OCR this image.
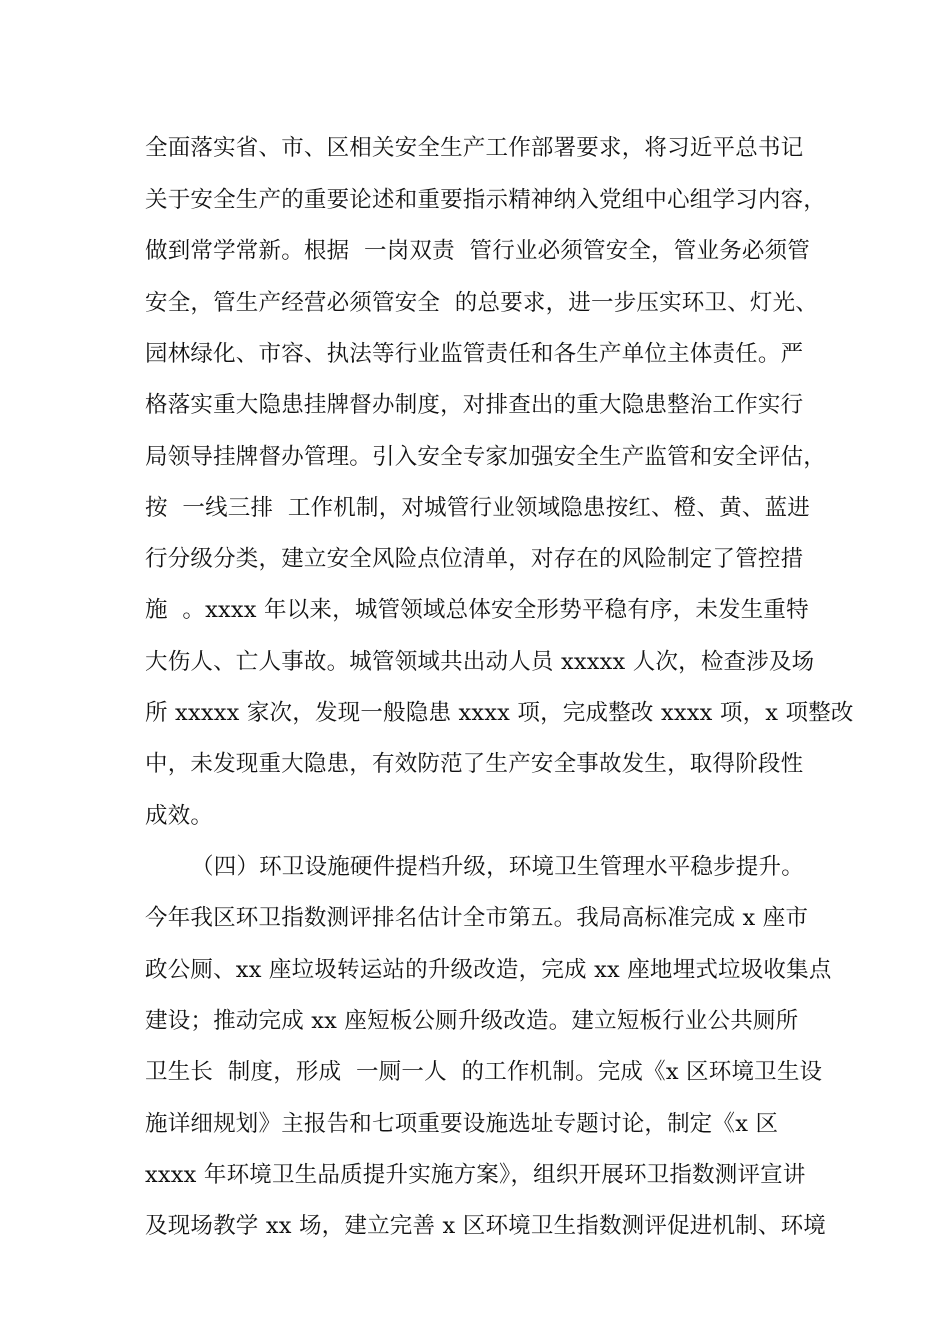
全面落实省、市、区相关安全生产工作部署要求，将习近平总书记
关于安全生产的重要论述和重要指示精神纳入党组中心组学习内容，
做到常学常新。根据  一岗双责  管行业必须管安全，管业务必须管
安全，管生产经营必须管安全  的总要求，进一步压实环卫、灯光、
园林绿化、市容、执法等行业监管责任和各生产单位主体责任。严
格落实重大隐患挂牌督办制度，对排查出的重大隐患整治工作实行
局领导挂牌督办管理。引入安全专家加强安全生产监管和安全评估，
按  一线三排  工作机制，对城管行业领域隐患按红、橙、黄、蓝进
行分级分类，建立安全风险点位清单，对存在的风险制定了管控措
施  。xxxx 年以来，城管领域总体安全形势平稳有序，未发生重特
大伤人、亡人事故。城管领域共出动人员 xxxxx 人次，检查涉及场
所 xxxxx 家次，发现一般隐患 xxxx 项，完成整改 xxxx 项，x 项整改
中，未发现重大隐患，有效防范了生产安全事故发生，取得阶段性
成效。
（四）环卫设施硬件提档升级，环境卫生管理水平稳步提升。
今年我区环卫指数测评排名估计全市第五。我局高标准完成 x 座市
政公厕、xx 座垃圾转运站的升级改造，完成 xx 座地埋式垃圾收集点
建设；推动完成 xx 座短板公厕升级改造。建立短板行业公共厕所
卫生长  制度，形成  一厕一人  的工作机制。完成《x 区环境卫生设
施详细规划》主报告和七项重要设施选址专题讨论，制定《x 区
xxxx 年环境卫生品质提升实施方案》，组织开展环卫指数测评宣讲
及现场教学 xx 场，建立完善 x 区环境卫生指数测评促进机制、环境
